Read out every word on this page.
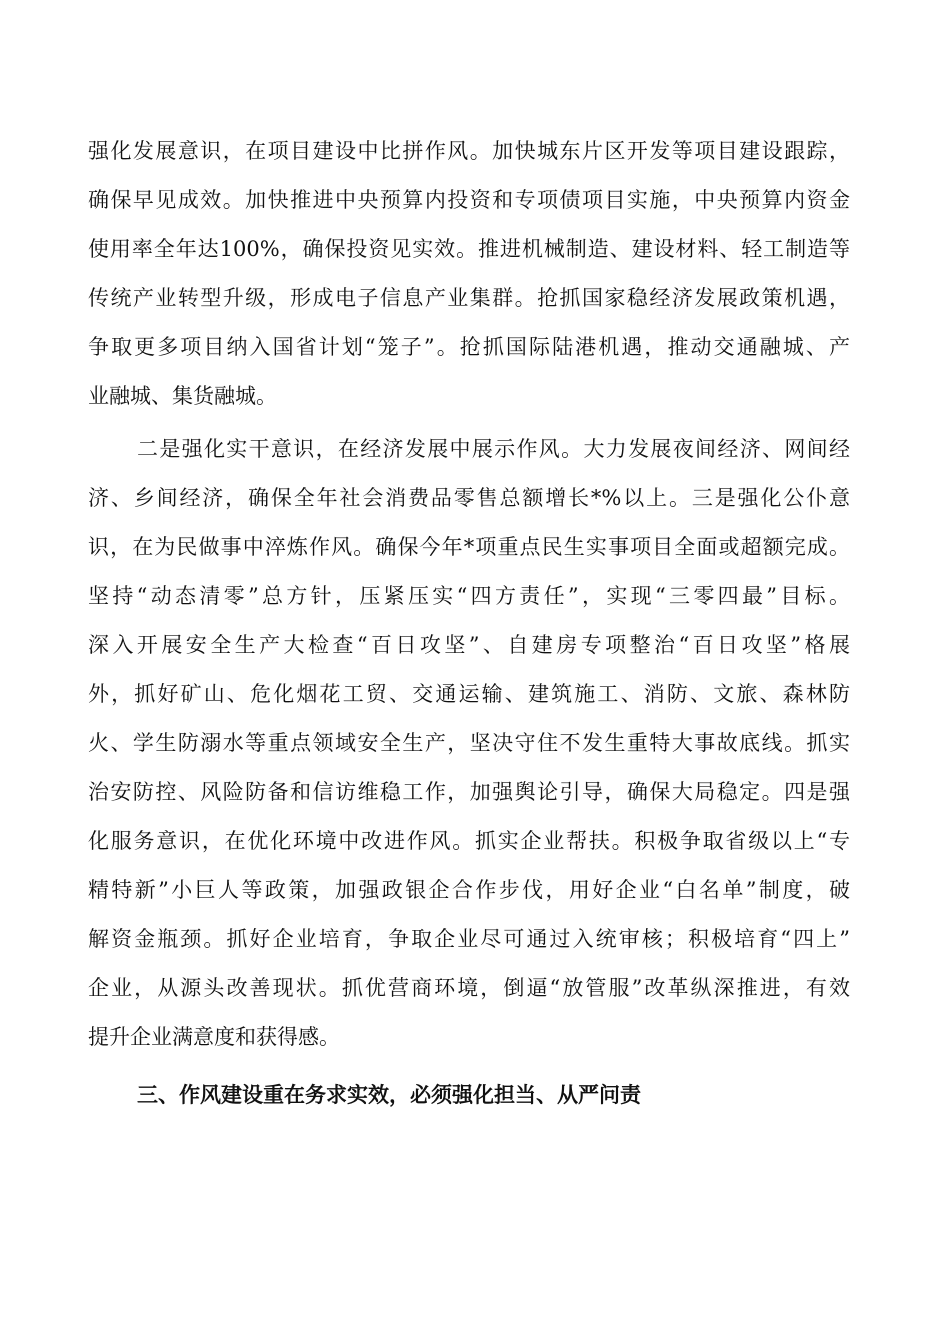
强化发展意识，在项目建设中比拼作风。加快城东片区开发等项目建设跟踪，
确保早见成效。加快推进中央预算内投资和专项债项目实施，中央预算内资金
使用率全年达100%，确保投资见实效。推进机械制造、建设材料、轻工制造等
传统产业转型升级，形成电子信息产业集群。抢抓国家稳经济发展政策机遇，
争取更多项目纳入国省计划“笼子”。抢抓国际陆港机遇，推动交通融城、产
业融城、集货融城。
二是强化实干意识，在经济发展中展示作风。大力发展夜间经济、网间经
济、乡间经济，确保全年社会消费品零售总额增长*%以上。三是强化公仆意
识，在为民做事中淬炼作风。确保今年*项重点民生实事项目全面或超额完成。
坚持“动态清零”总方针，压紧压实“四方责任”，实现“三零四最”目标。
深入开展安全生产大检查“百日攻坚”、自建房专项整治“百日攻坚”格展
外，抓好矿山、危化烟花工贸、交通运输、建筑施工、消防、文旅、森林防
火、学生防溺水等重点领域安全生产，坚决守住不发生重特大事故底线。抓实
治安防控、风险防备和信访维稳工作，加强舆论引导，确保大局稳定。四是强
化服务意识，在优化环境中改进作风。抓实企业帮扶。积极争取省级以上“专
精特新”小巨人等政策，加强政银企合作步伐，用好企业“白名单”制度，破
解资金瓶颈。抓好企业培育，争取企业尽可通过入统审核；积极培育“四上”
企业，从源头改善现状。抓优营商环境，倒逼“放管服”改革纵深推进，有效
提升企业满意度和获得感。
三、作风建设重在务求实效，必须强化担当、从严问责
